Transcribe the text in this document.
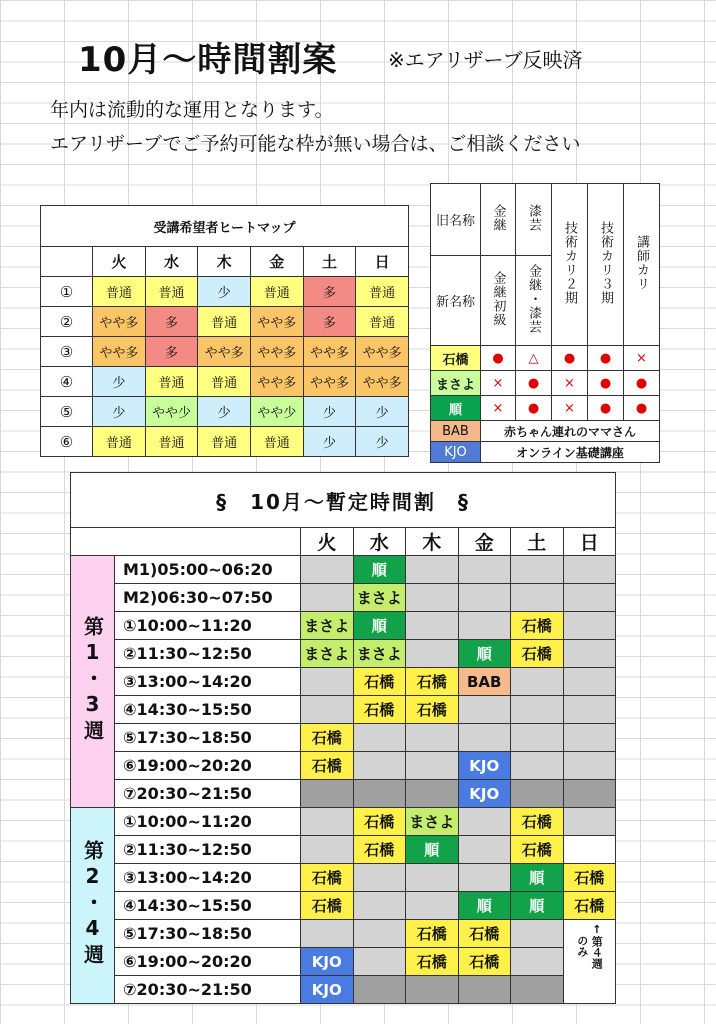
10月～時間割案	※エアリザーブ反映済
年内は流動的な運用となります。
エアリザーブでご予約可能な枠が無い場合は、ご相談ください
受講希望者ヒートマップ						
	火	水	木	金	土	日
①	普通	普通	少	普通	多	普通
②	やや多	多	普通	やや多	多	普通
③	やや多	多	やや多	やや多	やや多	やや多
④	少	普通	普通	やや多	やや多	やや多
⑤	少	やや少	少	やや少	少	少
⑥	普通	普通	普通	普通	少	少
旧名称	金継	漆芸	技術カリ２期	技術カリ３期	講師カリ
新名称	金継初級	金継・漆芸			
石橋	●	△	●	●	×
まさよ	×	●	×	●	●
順	×	●	×	●	●
BAB	赤ちゃん連れのママさん				
KJO	オンライン基礎講座				
§　10月～暫定時間割　§							
		火	水	木	金	土	日
第1・3週	M1)05:00~06:20		順				
	M2)06:30~07:50		まさよ				
	①10:00~11:20	まさよ	順			石橋	
	②11:30~12:50	まさよ	まさよ		順	石橋	
	③13:00~14:20		石橋	石橋	BAB		
	④14:30~15:50		石橋	石橋			
	⑤17:30~18:50	石橋					
	⑥19:00~20:20	石橋			KJO		
	⑦20:30~21:50				KJO		
第2・4週	①10:00~11:20		石橋	まさよ		石橋	
	②11:30~12:50		石橋	順		石橋	
	③13:00~14:20	石橋				順	石橋
	④14:30~15:50	石橋			順	順	石橋
	⑤17:30~18:50			石橋	石橋		↑第４週
のみ

	⑥19:00~20:20	KJO		石橋	石橋		
	⑦20:30~21:50	KJO					
